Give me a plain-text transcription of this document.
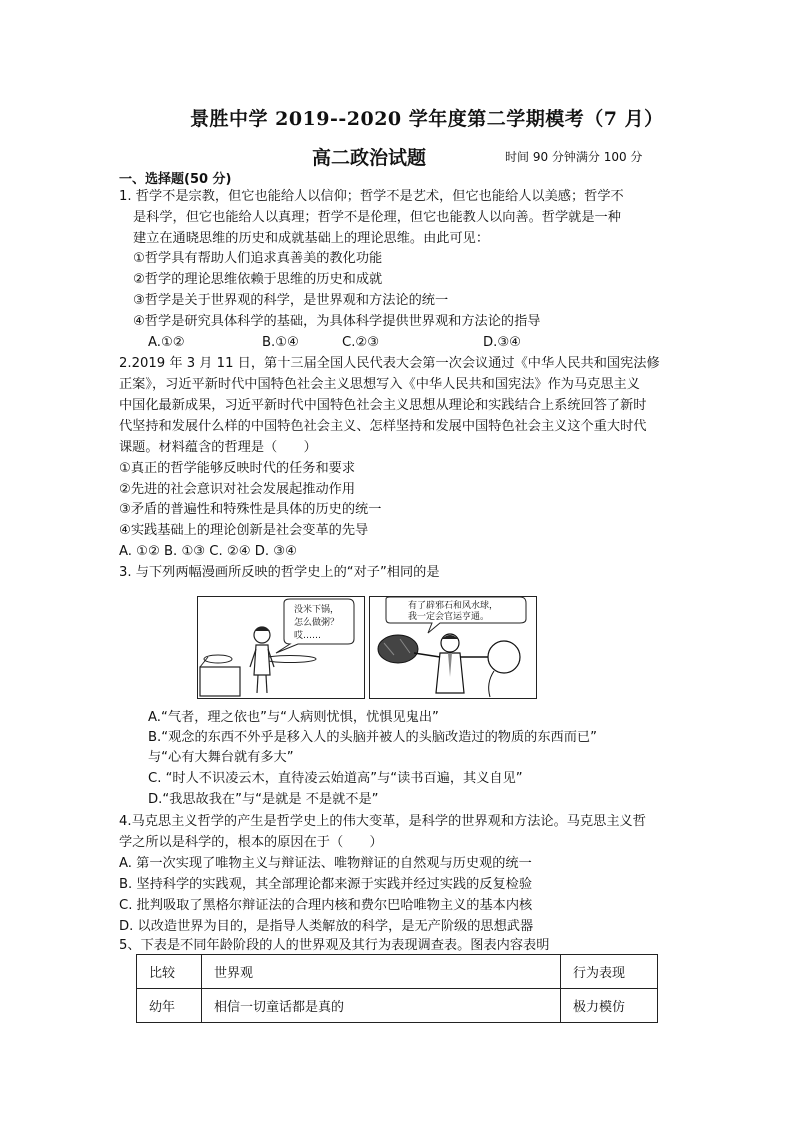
景胜中学 2019--2020 学年度第二学期模考（7 月）
高二政治试题	时间 90 分钟满分 100 分
一、选择题(50 分)
1. 哲学不是宗教，但它也能给人以信仰；哲学不是艺术，但它也能给人以美感；哲学不
是科学，但它也能给人以真理；哲学不是伦理，但它也能教人以向善。哲学就是一种
建立在通晓思维的历史和成就基础上的理论思维。由此可见：
①哲学具有帮助人们追求真善美的教化功能
②哲学的理论思维依赖于思维的历史和成就
③哲学是关于世界观的科学，是世界观和方法论的统一
④哲学是研究具体科学的基础，为具体科学提供世界观和方法论的指导
A.①②	B.①④	C.②③	D.③④
2.2019 年 3 月 11 日，第十三届全国人民代表大会第一次会议通过《中华人民共和国宪法修
正案》，习近平新时代中国特色社会主义思想写入《中华人民共和国宪法》作为马克思主义
中国化最新成果，习近平新时代中国特色社会主义思想从理论和实践结合上系统回答了新时
代坚持和发展什么样的中国特色社会主义、怎样坚持和发展中国特色社会主义这个重大时代
课题。材料蕴含的哲理是（　　）
①真正的哲学能够反映时代的任务和要求
②先进的社会意识对社会发展起推动作用
③矛盾的普遍性和特殊性是具体的历史的统一
④实践基础上的理论创新是社会变革的先导
A. ①② B. ①③ C. ②④ D. ③④
3. 与下列两幅漫画所反映的哲学史上的“对子”相同的是
没米下锅，
怎么做粥？
哎……
有了辟邪石和风水球，
我一定会官运亨通。
A.“气者，理之依也”与“人病则忧惧，忧惧见鬼出”
B.“观念的东西不外乎是移入人的头脑并被人的头脑改造过的物质的东西而已”
与“心有大舞台就有多大”
C. “时人不识凌云木，直待凌云始道高”与“读书百遍，其义自见”
D.“我思故我在”与“是就是 不是就不是”
4.马克思主义哲学的产生是哲学史上的伟大变革，是科学的世界观和方法论。马克思主义哲
学之所以是科学的，根本的原因在于（　　）
A. 第一次实现了唯物主义与辩证法、唯物辩证的自然观与历史观的统一
B. 坚持科学的实践观，其全部理论都来源于实践并经过实践的反复检验
C. 批判吸取了黑格尔辩证法的合理内核和费尔巴哈唯物主义的基本内核
D. 以改造世界为目的，是指导人类解放的科学，是无产阶级的思想武器
5、下表是不同年龄阶段的人的世界观及其行为表现调查表。图表内容表明
比较	世界观	行为表现
幼年	相信一切童话都是真的	极力模仿
